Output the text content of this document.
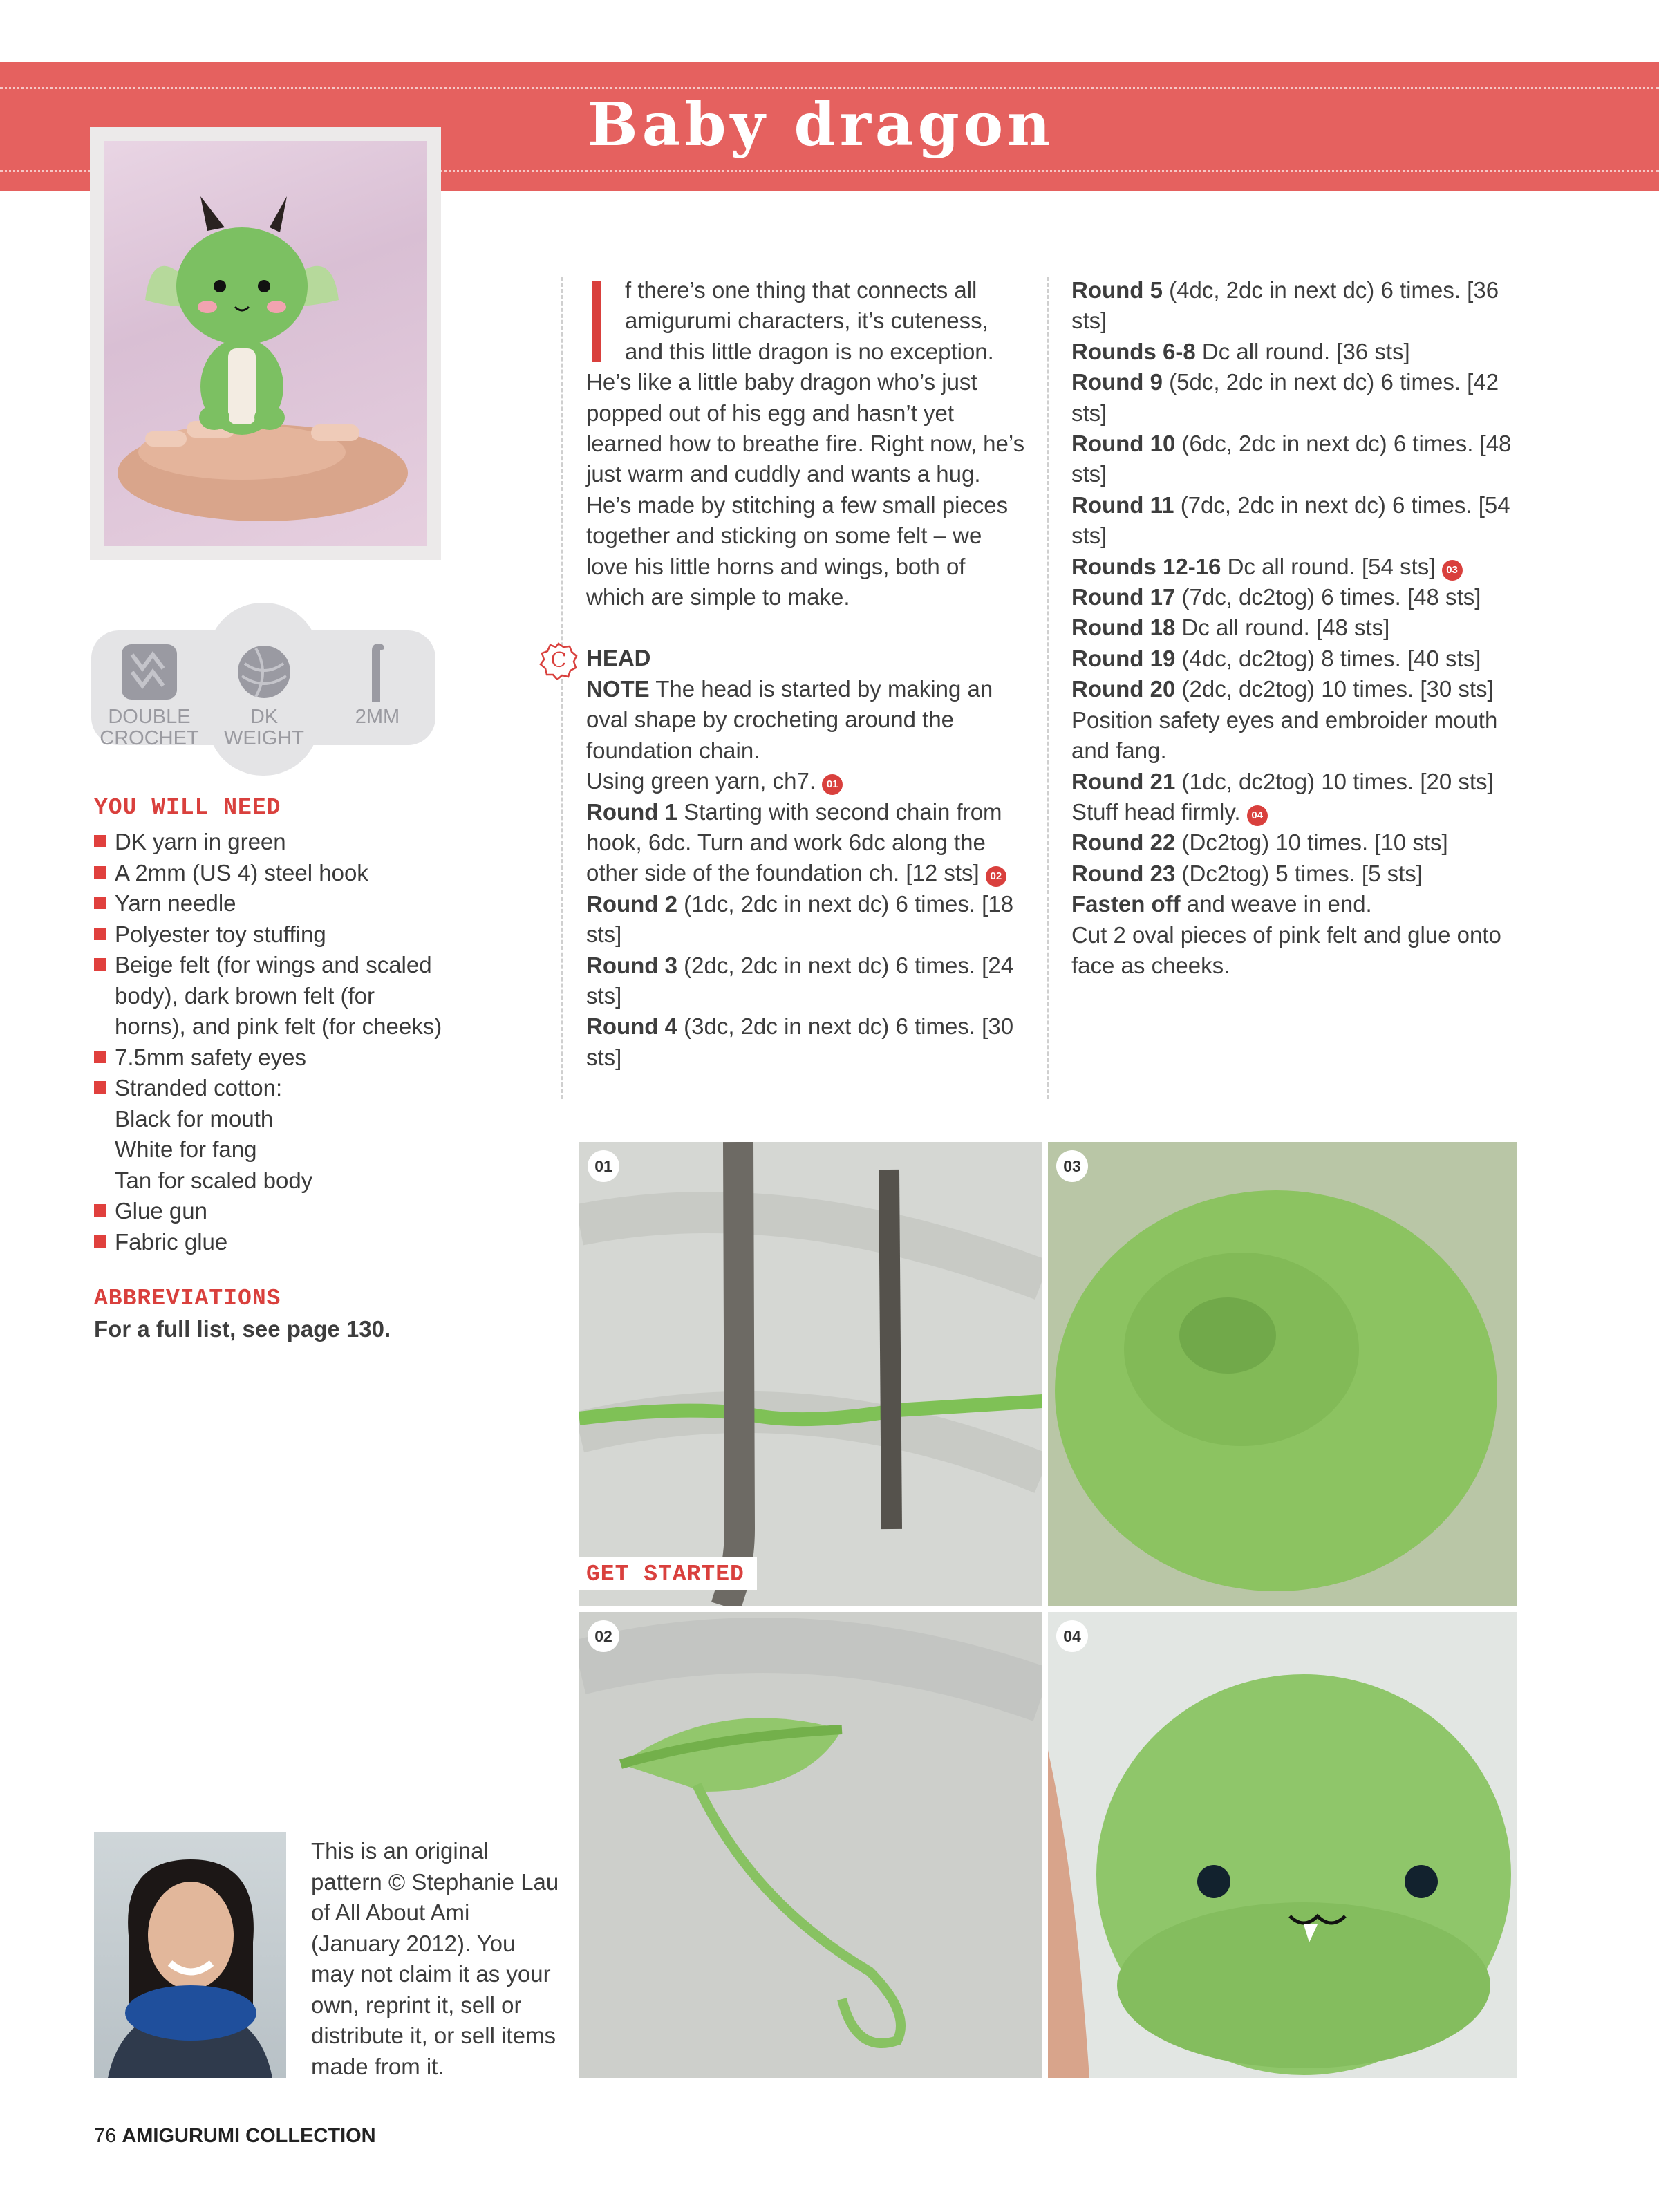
Baby dragon
DOUBLE
CROCHET
DK
WEIGHT
2MM
YOU WILL NEED
DK yarn in green
A 2mm (US 4) steel hook
Yarn needle
Polyester toy stuffing
Beige felt (for wings and scaled
body), dark brown felt (for
horns), and pink felt (for cheeks)
7.5mm safety eyes
Stranded cotton:
Black for mouth
White for fang
Tan for scaled body
Glue gun
Fabric glue
ABBREVIATIONS
For a full list, see page 130.
This is an original pattern © Stephanie Lau of All About Ami (January 2012). You may not claim it as your own, reprint it, sell or distribute it, or sell items made from it.
C
f there’s one thing that connects all
amigurumi characters, it’s cuteness,
and this little dragon is no exception.
He’s like a little baby dragon who’s just popped out of his egg and hasn’t yet learned how to breathe fire. Right now, he’s just warm and cuddly and wants a hug. He’s made by stitching a few small pieces together and sticking on some felt – we love his little horns and wings, both of which are simple to make.
HEAD
NOTE The head is started by making an oval shape by crocheting around the foundation chain.
Using green yarn, ch7. 01
Round 1 Starting with second chain from hook, 6dc. Turn and work 6dc along the other side of the foundation ch. [12 sts] 02
Round 2 (1dc, 2dc in next dc) 6 times. [18 sts]
Round 3 (2dc, 2dc in next dc) 6 times. [24 sts]
Round 4 (3dc, 2dc in next dc) 6 times. [30 sts]
Round 5 (4dc, 2dc in next dc) 6 times. [36 sts]
Rounds 6-8 Dc all round. [36 sts]
Round 9 (5dc, 2dc in next dc) 6 times. [42 sts]
Round 10 (6dc, 2dc in next dc) 6 times. [48 sts]
Round 11 (7dc, 2dc in next dc) 6 times. [54 sts]
Rounds 12-16 Dc all round. [54 sts] 03
Round 17 (7dc, dc2tog) 6 times. [48 sts]
Round 18 Dc all round. [48 sts]
Round 19 (4dc, dc2tog) 8 times. [40 sts]
Round 20 (2dc, dc2tog) 10 times. [30 sts]
Position safety eyes and embroider mouth and fang.
Round 21 (1dc, dc2tog) 10 times. [20 sts]
Stuff head firmly. 04
Round 22 (Dc2tog) 10 times. [10 sts]
Round 23 (Dc2tog) 5 times. [5 sts]
Fasten off and weave in end.
Cut 2 oval pieces of pink felt and glue onto face as cheeks.
01
GET STARTED
03
02	04
76 AMIGURUMI COLLECTION
